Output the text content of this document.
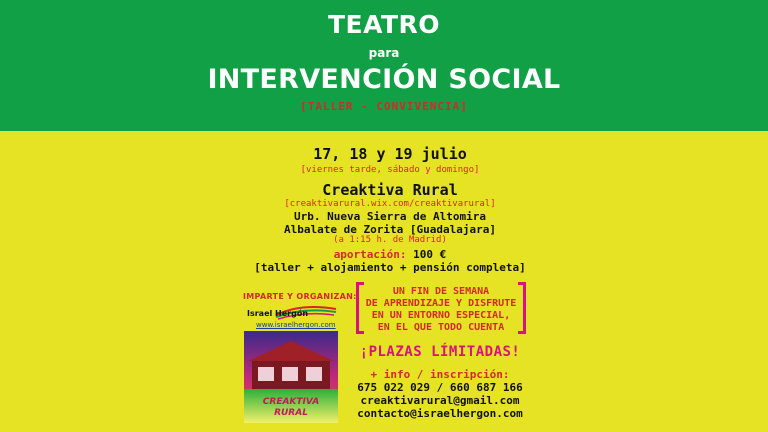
TEATRO
para
INTERVENCIÓN SOCIAL
[TALLER - CONVIVENCIA]
17, 18 y 19 julio
[viernes tarde, sábado y domingo]
Creaktiva Rural
[creaktivarural.wix.com/creaktivarural]
Urb. Nueva Sierra de Altomira
Albalate de Zorita [Guadalajara]
(a 1:15 h. de Madrid)
aportación: 100 €
[taller + alojamiento + pensión completa]
IMPARTE Y ORGANIZAN:
Israel Hergón
www.israelhergon.com
CREAKTIVA
RURAL
UN FIN DE SEMANA
DE APRENDIZAJE Y DISFRUTE
EN UN ENTORNO ESPECIAL,
EN EL QUE TODO CUENTA
¡PLAZAS LÍMITADAS!
+ info / inscripción:
675 022 029 / 660 687 166
creaktivarural@gmail.com
contacto@israelhergon.com
